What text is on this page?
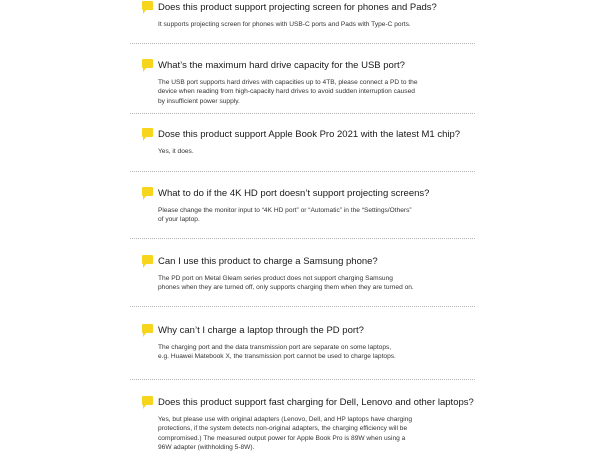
Does this product support projecting screen for phones and Pads?
It supports projecting screen for phones with USB-C ports and Pads with Type-C ports.
What’s the maximum hard drive capacity for the USB port?
The USB port supports hard drives with capacities up to 4TB, please connect a PD to the
device when reading from high-capacity hard drives to avoid sudden interruption caused
by insufficient power supply.
Dose this product support Apple Book Pro 2021 with the latest M1 chip?
Yes, it does.
What to do if the 4K HD port doesn’t support projecting screens?
Please change the monitor input to “4K HD port” or “Automatic” in the “Settings/Others”
of your laptop.
Can I use this product to charge a Samsung phone?
The PD port on Metal Gleam series product does not support charging Samsung
phones when they are turned off, only supports charging them when they are turned on.
Why can’t I charge a laptop through the PD port?
The charging port and the data transmission port are separate on some laptops,
e.g. Huawei Matebook X, the transmission port cannot be used to charge laptops.
Does this product support fast charging for Dell, Lenovo and other laptops?
Yes, but please use with original adapters (Lenovo, Dell, and HP laptops have charging
protections, if the system detects non-original adapters, the charging efficiency will be
compromised.) The measured output power for Apple Book Pro is 89W when using a
96W adapter (withholding 5-8W).
